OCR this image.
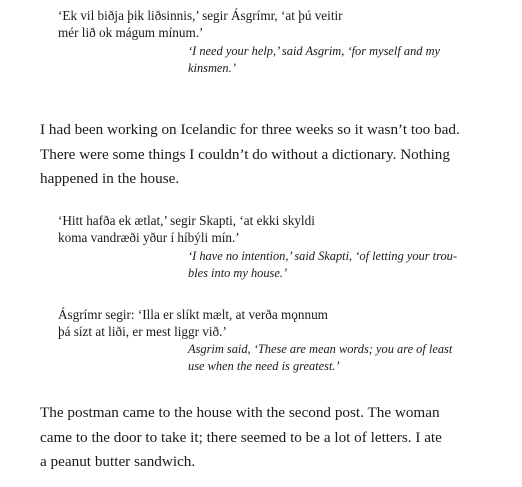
‘Ek vil biðja þik liðsinnis,’ segir Ásgrímr, ‘at þú veitir
mér lið ok mágum mínum.’
‘I need your help,’ said Asgrim, ‘for myself and my
kinsmen.’
I had been working on Icelandic for three weeks so it wasn’t too bad.
There were some things I couldn’t do without a dictionary. Nothing
happened in the house.
‘Hitt hafða ek ætlat,’ segir Skapti, ‘at ekki skyldi
koma vandræði yður í híbýli mín.’
‘I have no intention,’ said Skapti, ‘of letting your trou-
bles into my house.’
Ásgrímr segir: ‘Illa er slíkt mælt, at verða mǫnnum
þá sízt at liði, er mest liggr við.’
Asgrim said, ‘These are mean words; you are of least
use when the need is greatest.’
The postman came to the house with the second post. The woman
came to the door to take it; there seemed to be a lot of letters. I ate
a peanut butter sandwich.
